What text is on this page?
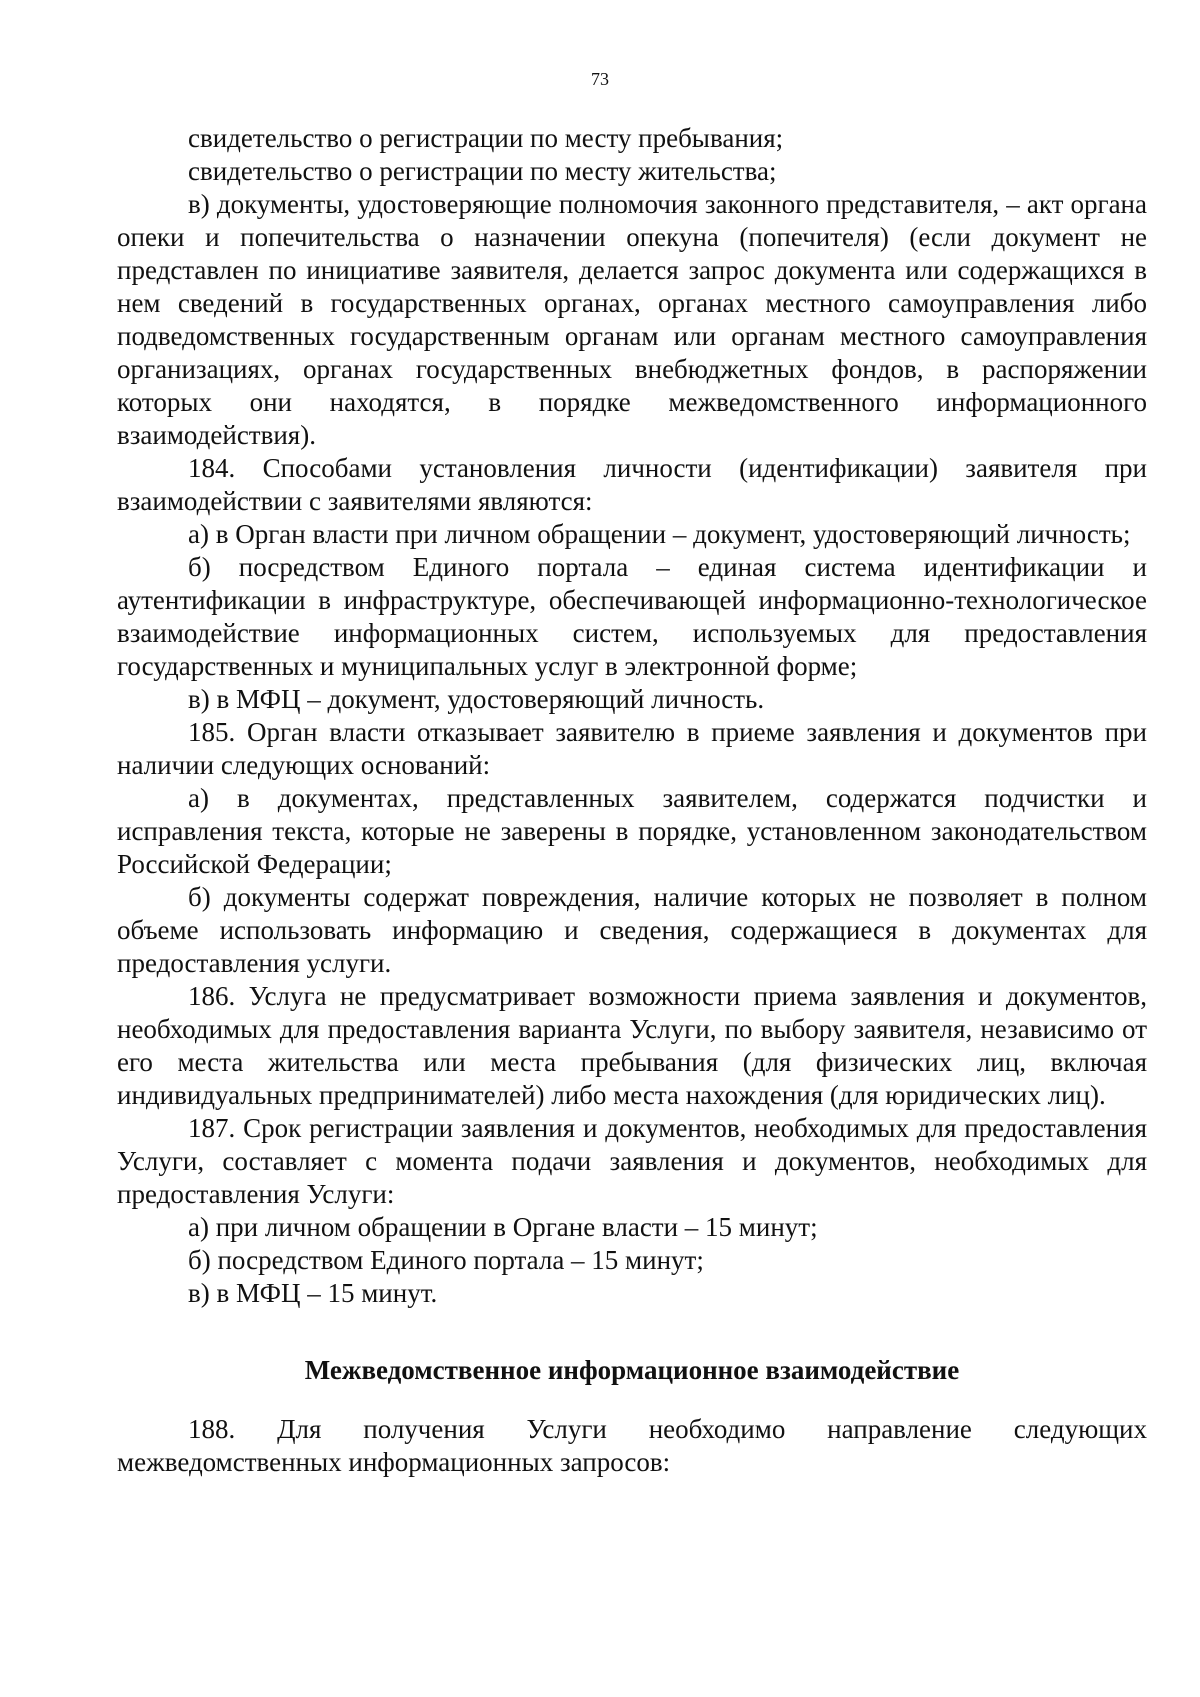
73

свидетельство о регистрации по месту пребывания;

свидетельство о регистрации по месту жительства;

в) документы, удостоверяющие полномочия законного представителя, – акт органа опеки и попечительства о назначении опекуна (попечителя) (если документ не представлен по инициативе заявителя, делается запрос документа или содержащихся в нем сведений в государственных органах, органах местного самоуправления либо подведомственных государственным органам или органам местного самоуправления организациях, органах государственных внебюджетных фондов, в распоряжении которых они находятся, в порядке межведомственного информационного взаимодействия).

184. Способами установления личности (идентификации) заявителя при взаимодействии с заявителями являются:

а) в Орган власти при личном обращении – документ, удостоверяющий личность;

б) посредством Единого портала – единая система идентификации и аутентификации в инфраструктуре, обеспечивающей информационно-технологическое взаимодействие информационных систем, используемых для предоставления государственных и муниципальных услуг в электронной форме;

в) в МФЦ – документ, удостоверяющий личность.

185. Орган власти отказывает заявителю в приеме заявления и документов при наличии следующих оснований:

а) в документах, представленных заявителем, содержатся подчистки и исправления текста, которые не заверены в порядке, установленном законодательством Российской Федерации;

б) документы содержат повреждения, наличие которых не позволяет в полном объеме использовать информацию и сведения, содержащиеся в документах для предоставления услуги.

186. Услуга не предусматривает возможности приема заявления и документов, необходимых для предоставления варианта Услуги, по выбору заявителя, независимо от его места жительства или места пребывания (для физических лиц, включая индивидуальных предпринимателей) либо места нахождения (для юридических лиц).

187. Срок регистрации заявления и документов, необходимых для предоставления Услуги, составляет с момента подачи заявления и документов, необходимых для предоставления Услуги:

а) при личном обращении в Органе власти – 15 минут;

б) посредством Единого портала – 15 минут;

в) в МФЦ – 15 минут.

Межведомственное информационное взаимодействие

188. Для получения Услуги необходимо направление следующих межведомственных информационных запросов:
